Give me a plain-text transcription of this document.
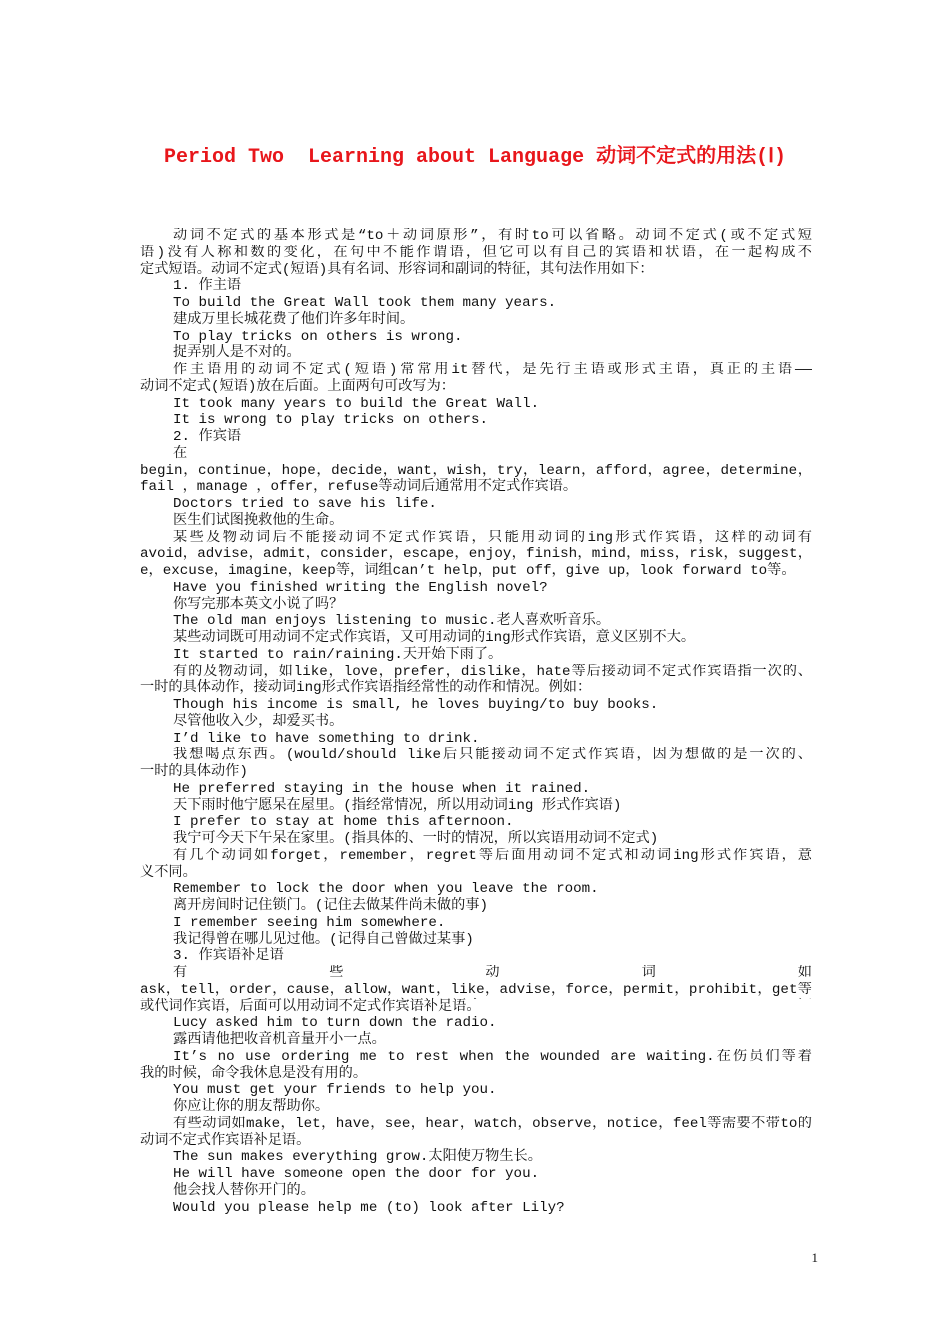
Period Two  Learning about Language 动词不定式的用法(Ⅰ)
动词不定式的基本形式是“to＋动词原形”，有时to可以省略。动词不定式(或不定式短
语)没有人称和数的变化，在句中不能作谓语，但它可以有自己的宾语和状语，在一起构成不
定式短语。动词不定式(短语)具有名词、形容词和副词的特征，其句法作用如下：
1. 作主语
To build the Great Wall took them many years.
建成万里长城花费了他们许多年时间。
To play tricks on others is wrong.
捉弄别人是不对的。
作主语用的动词不定式(短语)常常用it替代，是先行主语或形式主语，真正的主语——
动词不定式(短语)放在后面。上面两句可改写为：
It took many years to build the Great Wall.
It is wrong to play tricks on others.
2. 作宾语
在
begin，continue，hope，decide，want，wish，try，learn，afford，agree，determine，
fail ，manage ，offer，refuse等动词后通常用不定式作宾语。
Doctors tried to save his life.
医生们试图挽救他的生命。
某些及物动词后不能接动词不定式作宾语，只能用动词的ing形式作宾语，这样的动词有
avoid，advise，admit，consider，escape，enjoy，finish，mind，miss，risk，suggest，
e，excuse，imagine，keep等，词组can’t help，put off，give up，look forward to等。
Have you finished writing the English novel?
你写完那本英文小说了吗？
The old man enjoys listening to music.老人喜欢听音乐。
某些动词既可用动词不定式作宾语，又可用动词的ing形式作宾语，意义区别不大。
It started to rain/raining.天开始下雨了。
有的及物动词，如like，love，prefer，dislike，hate等后接动词不定式作宾语指一次的、
一时的具体动作，接动词ing形式作宾语指经常性的动作和情况。例如：
Though his income is small, he loves buying/to buy books.
尽管他收入少，却爱买书。
I’d like to have something to drink.
我想喝点东西。(would/should like后只能接动词不定式作宾语，因为想做的是一次的、
一时的具体动作)
He preferred staying in the house when it rained.
天下雨时他宁愿呆在屋里。(指经常情况，所以用动词ing 形式作宾语)
I prefer to stay at home this afternoon.
我宁可今天下午呆在家里。(指具体的、一时的情况，所以宾语用动词不定式)
有几个动词如forget，remember，regret等后面用动词不定式和动词ing形式作宾语，意
义不同。
Remember to lock the door when you leave the room.
离开房间时记住锁门。(记住去做某件尚未做的事)
I remember seeing him somewhere.
我记得曾在哪儿见过他。(记得自己曾做过某事)
3. 作宾语补足语
有 些 动 词 如
ask，tell，order，cause，allow，want，like，advise，force，permit，prohibit，get等
或代词作宾语，后面可以用动词不定式作宾语补足语。
Lucy asked him to turn down the radio.
露西请他把收音机音量开小一点。
It’s no use ordering me to rest when the wounded are waiting.在伤员们等着
我的时候，命令我休息是没有用的。
You must get your friends to help you.
你应让你的朋友帮助你。
有些动词如make，let，have，see，hear，watch，observe，notice，feel等需要不带to的
动词不定式作宾语补足语。
The sun makes everything grow.太阳使万物生长。
He will have someone open the door for you.
他会找人替你开门的。
Would you please help me (to) look after Lily?
1
